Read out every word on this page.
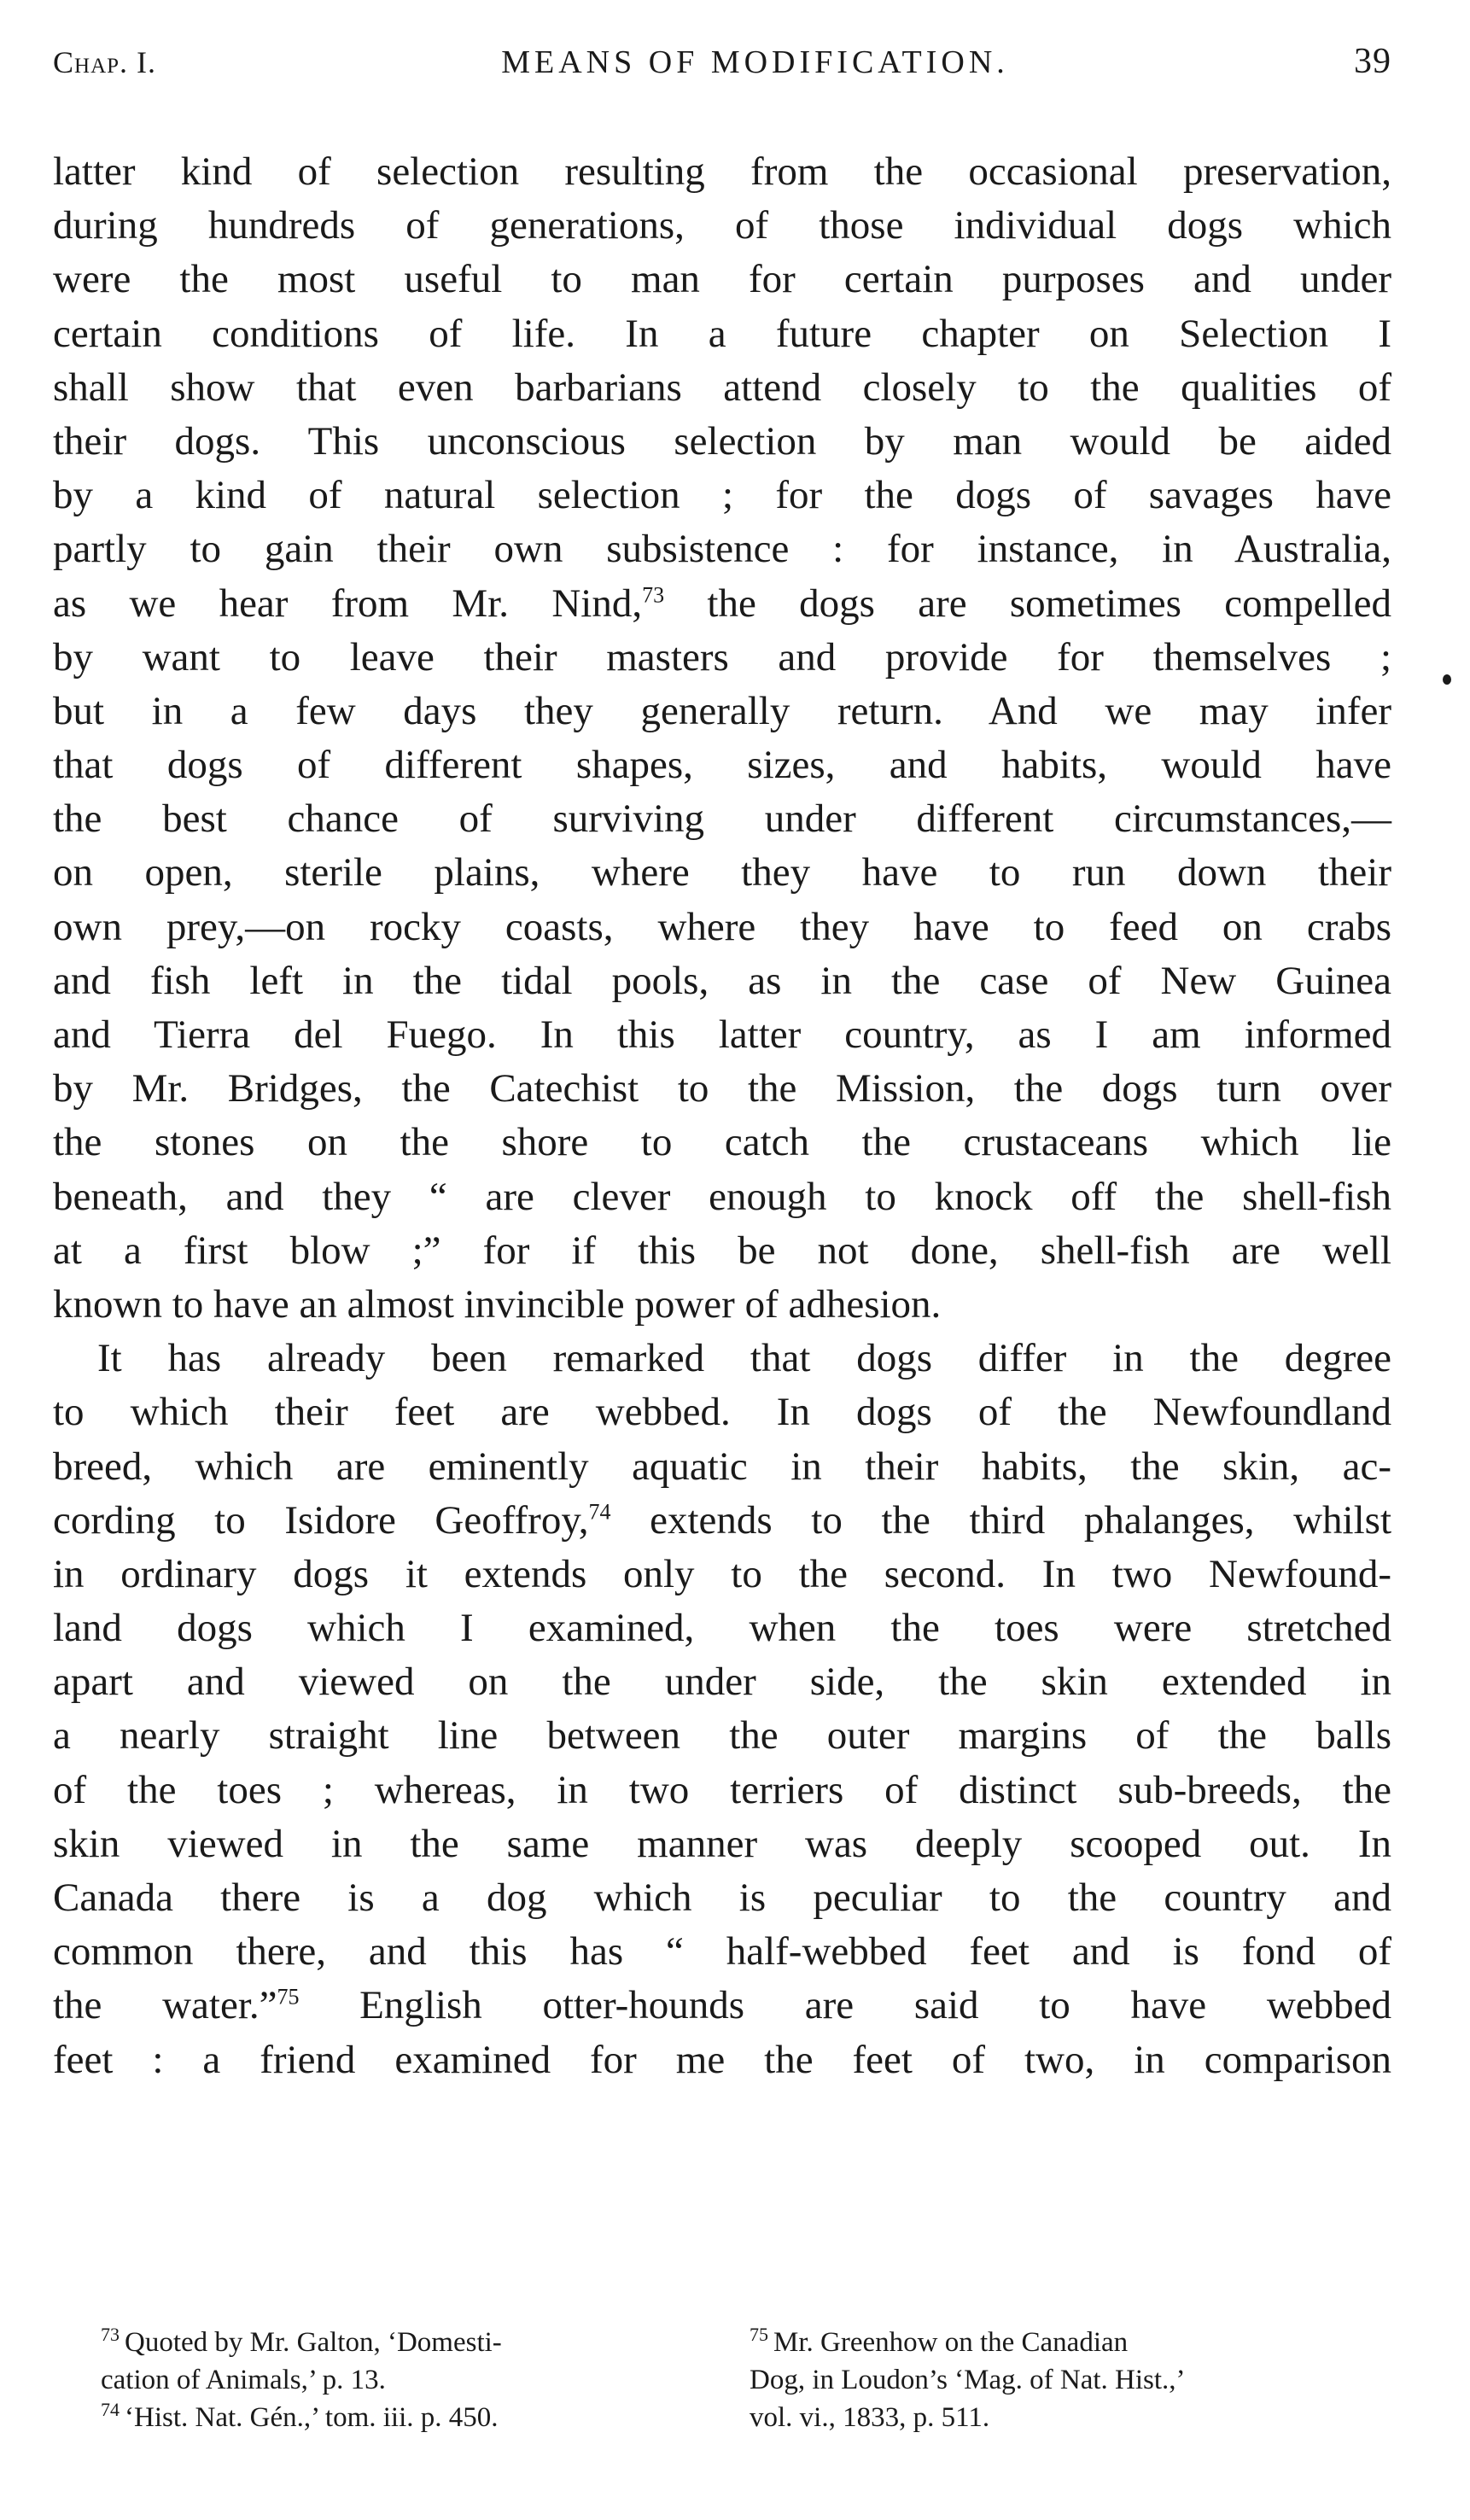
Chap. I.	MEANS OF MODIFICATION.	39
latter kind of selection resulting from the occasional preservation,
during hundreds of generations, of those individual dogs which
were the most useful to man for certain purposes and under
certain conditions of life. In a future chapter on Selection I
shall show that even barbarians attend closely to the qualities of
their dogs. This unconscious selection by man would be aided
by a kind of natural selection ; for the dogs of savages have
partly to gain their own subsistence : for instance, in Australia,
as we hear from Mr. Nind,$^{73}$ the dogs are sometimes compelled
by want to leave their masters and provide for themselves ;
but in a few days they generally return. And we may infer
that dogs of different shapes, sizes, and habits, would have
the best chance of surviving under different circumstances,—
on open, sterile plains, where they have to run down their
own prey,—on rocky coasts, where they have to feed on crabs
and fish left in the tidal pools, as in the case of New Guinea
and Tierra del Fuego. In this latter country, as I am informed
by Mr. Bridges, the Catechist to the Mission, the dogs turn over
the stones on the shore to catch the crustaceans which lie
beneath, and they “ are clever enough to knock off the shell-fish
at a first blow ;” for if this be not done, shell-fish are well
known to have an almost invincible power of adhesion.
It has already been remarked that dogs differ in the degree
to which their feet are webbed. In dogs of the Newfoundland
breed, which are eminently aquatic in their habits, the skin, ac-
cording to Isidore Geoffroy,$^{74}$ extends to the third phalanges, whilst
in ordinary dogs it extends only to the second. In two Newfound-
land dogs which I examined, when the toes were stretched
apart and viewed on the under side, the skin extended in
a nearly straight line between the outer margins of the balls
of the toes ; whereas, in two terriers of distinct sub-breeds, the
skin viewed in the same manner was deeply scooped out. In
Canada there is a dog which is peculiar to the country and
common there, and this has “ half-webbed feet and is fond of
the water.”$^{75}$ English otter-hounds are said to have webbed
feet : a friend examined for me the feet of two, in comparison
$^{73}$ Quoted by Mr. Galton, ‘Domesti-
cation of Animals,’ p. 13.
$^{74}$ ‘Hist. Nat. Gén.,’ tom. iii. p. 450.
$^{75}$ Mr. Greenhow on the Canadian
Dog, in Loudon’s ‘Mag. of Nat. Hist.,’
vol. vi., 1833, p. 511.
